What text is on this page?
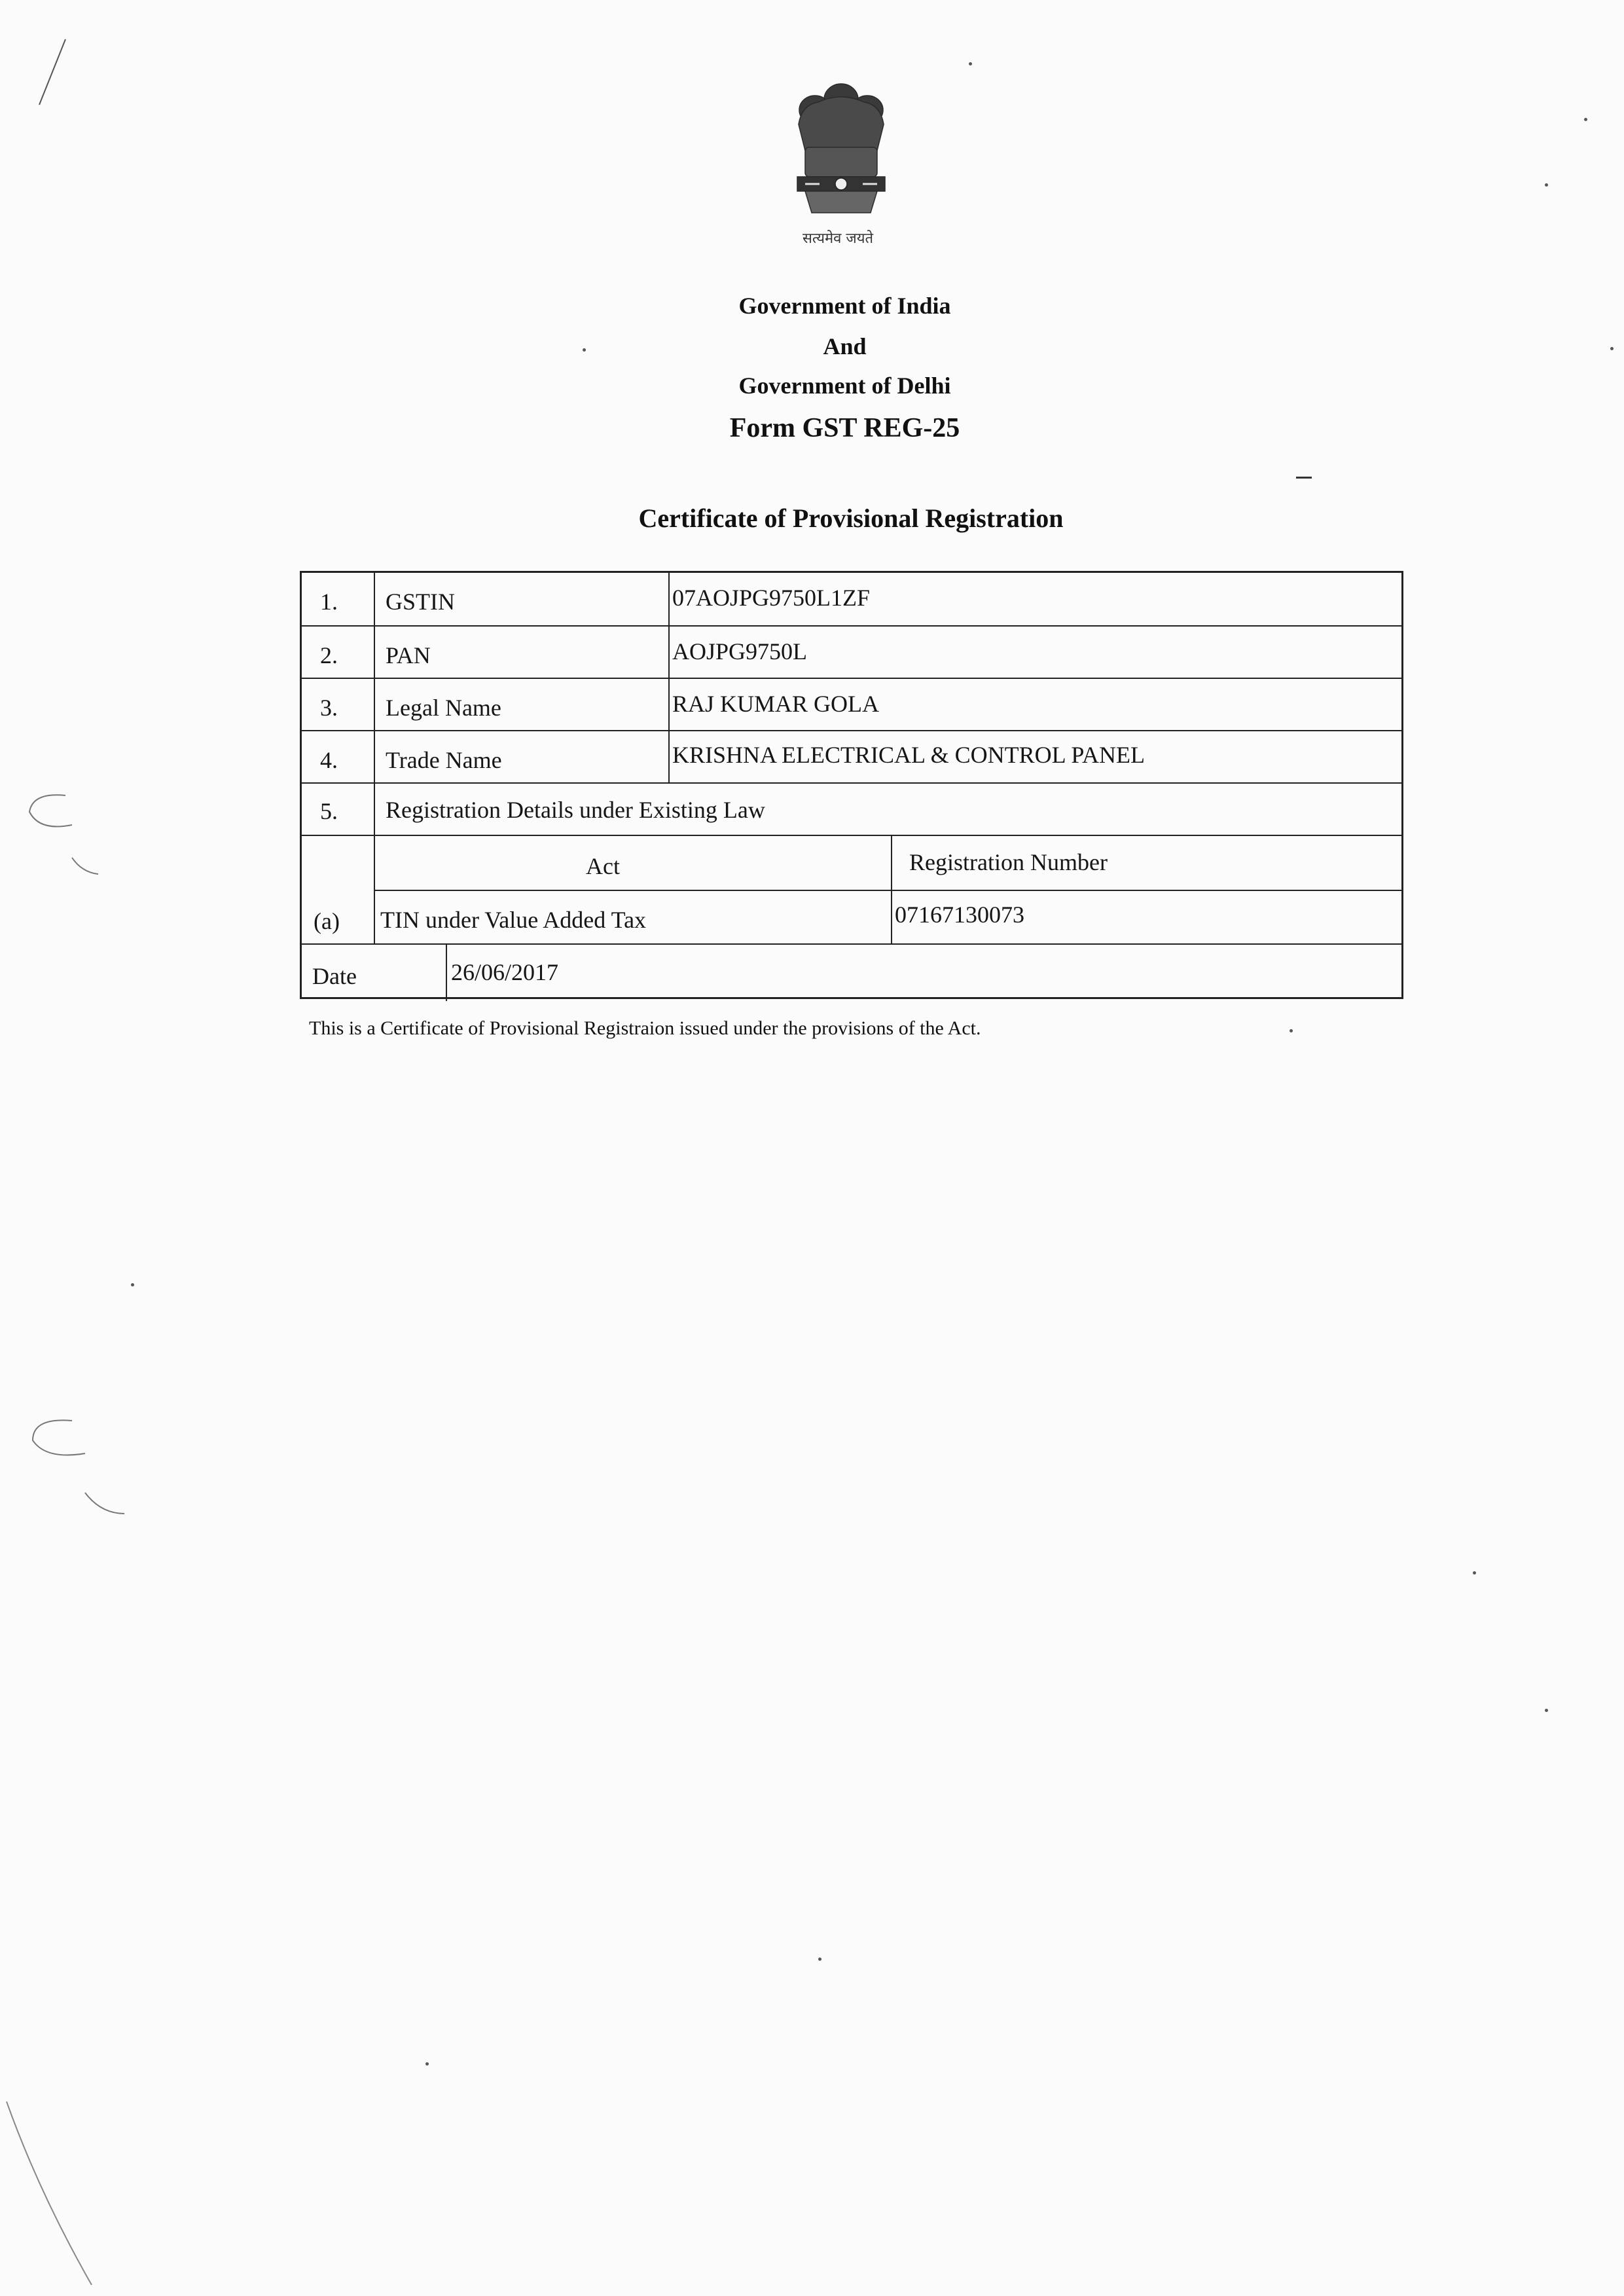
सत्यमेव जयते
Government of India
And
Government of Delhi
Form GST REG-25
Certificate of Provisional Registration
1. GSTIN	07AOJPG9750L1ZF
2. PAN	AOJPG9750L
3. Legal Name	RAJ KUMAR GOLA
4. Trade Name	KRISHNA ELECTRICAL & CONTROL PANEL
5. Registration Details under Existing Law
Act	Registration Number
(a) TIN under Value Added Tax	07167130073
Date	26/06/2017
This is a Certificate of Provisional Registraion issued under the provisions of the Act.
